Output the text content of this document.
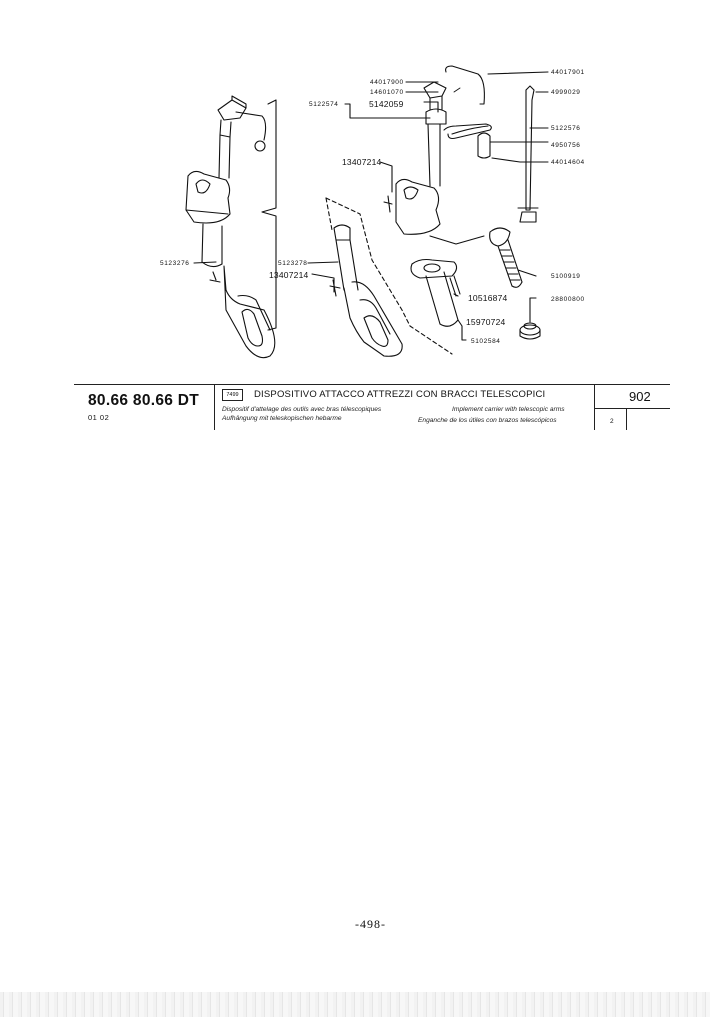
44017900
14601070
5122574	5142059
44017901
4999029
5122576
4950756
44014604
13407214
5123276	5123278
13407214	5100919
10516874	28800800
15970724
5102584
80.66 80.66 DT
01 02
7499	DISPOSITIVO ATTACCO ATTREZZI CON BRACCI TELESCOPICI
Dispositif d'attelage des outils avec bras télescopiques	Implement carrier with telescopic arms
Aufhängung mit teleskopischen hebarme	Enganche de los útiles con brazos telescópicos
902
2
-498-
